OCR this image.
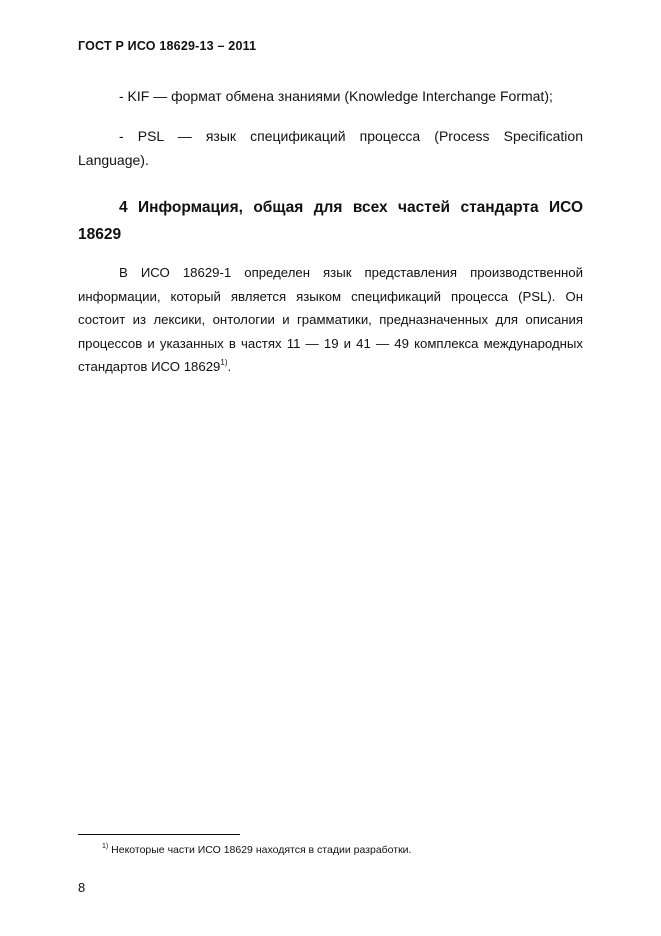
ГОСТ Р ИСО 18629-13 – 2011
- KIF — формат обмена знаниями (Knowledge Interchange Format);
- PSL — язык спецификаций процесса (Process Specification Language).
4 Информация, общая для всех частей стандарта ИСО 18629
В ИСО 18629-1 определен язык представления производственной информации, который является языком спецификаций процесса (PSL). Он состоит из лексики, онтологии и грамматики, предназначенных для описания процессов и указанных в частях 11 — 19 и 41 — 49 комплекса международных стандартов ИСО 18629$^{1)}$.
$^{1)}$ Некоторые части ИСО 18629 находятся в стадии разработки.
8
